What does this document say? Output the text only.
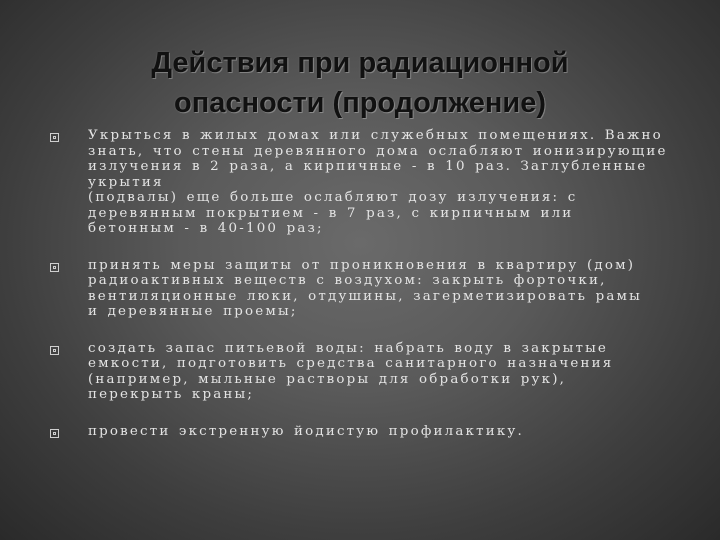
Действия при радиационной
опасности (продолжение)
Укрыться в жилых домах или служебных помещениях. Важно
знать, что стены деревянного дома ослабляют ионизирующие
излучения в 2 раза, а кирпичные - в 10 раз. Заглубленные
укрытия
(подвалы) еще больше ослабляют дозу излучения: с
деревянным покрытием - в 7 раз, с кирпичным или
бетонным - в 40-100 раз;
принять меры защиты от проникновения в квартиру (дом)
радиоактивных веществ с воздухом: закрыть форточки,
вентиляционные люки, отдушины, загерметизировать рамы
и деревянные проемы;
создать запас питьевой воды: набрать воду в закрытые
емкости, подготовить средства санитарного назначения
(например, мыльные растворы для обработки рук),
перекрыть краны;
провести экстренную йодистую профилактику.
